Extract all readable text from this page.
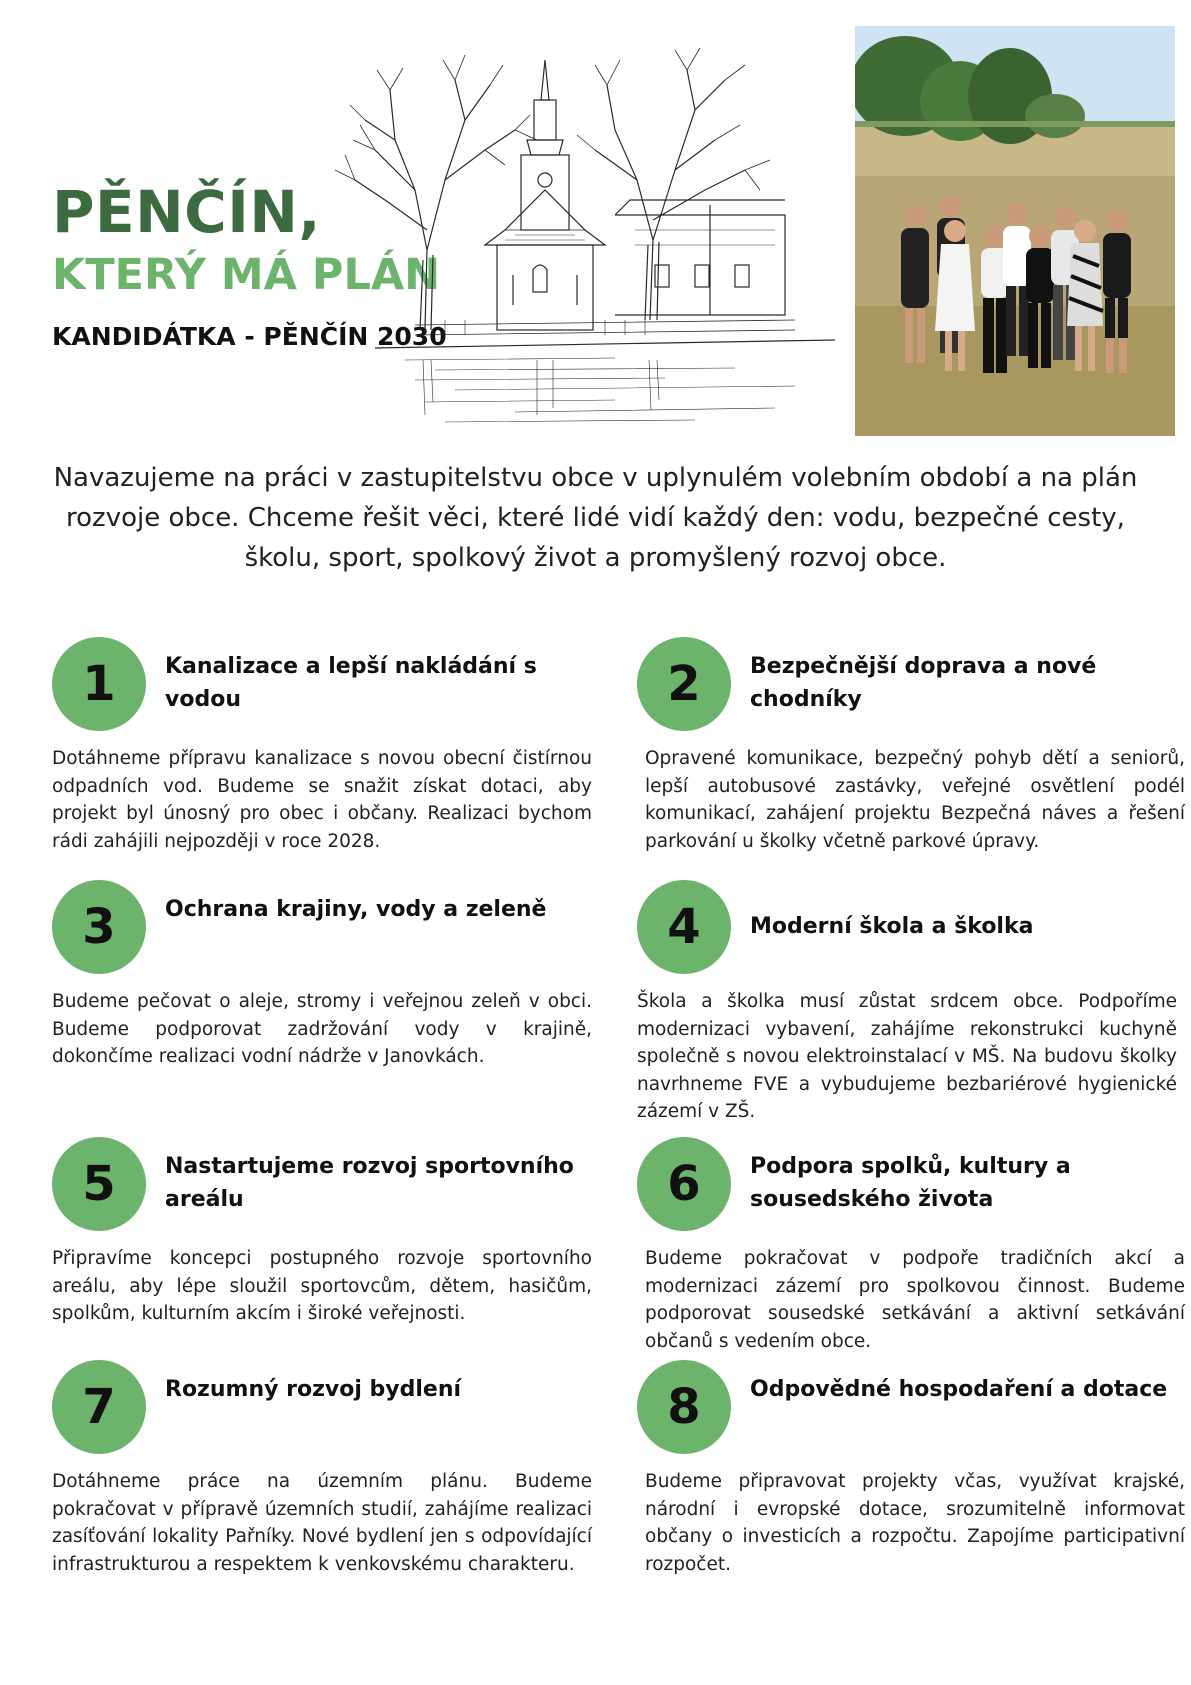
PĚNČÍN,
KTERÝ MÁ PLÁN
KANDIDÁTKA - PĚNČÍN 2030
Navazujeme na práci v zastupitelstvu obce v uplynulém volebním období a na plán rozvoje obce. Chceme řešit věci, které lidé vidí každý den: vodu, bezpečné cesty, školu, sport, spolkový život a promyšlený rozvoj obce.
1	Kanalizace a lepší nakládání s vodou
Dotáhneme přípravu kanalizace s novou obecní čistírnou odpadních vod. Budeme se snažit získat dotaci, aby projekt byl únosný pro obec i občany. Realizaci bychom rádi zahájili nejpozději v roce 2028.
2	Bezpečnější doprava a nové chodníky
Opravené komunikace, bezpečný pohyb dětí a seniorů, lepší autobusové zastávky, veřejné osvětlení podél komunikací, zahájení projektu Bezpečná náves a řešení parkování u školky včetně parkové úpravy.
3	Ochrana krajiny, vody a zeleně
Budeme pečovat o aleje, stromy i veřejnou zeleň v obci. Budeme podporovat zadržování vody v krajině, dokončíme realizaci vodní nádrže v Janovkách.
4	Moderní škola a školka
Škola a školka musí zůstat srdcem obce. Podpoříme modernizaci vybavení, zahájíme rekonstrukci kuchyně společně s novou elektroinstalací v MŠ. Na budovu školky navrhneme FVE a vybudujeme bezbariérové hygienické zázemí v ZŠ.
5	Nastartujeme rozvoj sportovního areálu
Připravíme koncepci postupného rozvoje sportovního areálu, aby lépe sloužil sportovcům, dětem, hasičům, spolkům, kulturním akcím i široké veřejnosti.
6	Podpora spolků, kultury a sousedského života
Budeme pokračovat v podpoře tradičních akcí a modernizaci zázemí pro spolkovou činnost. Budeme podporovat sousedské setkávání a aktivní setkávání občanů s vedením obce.
7	Rozumný rozvoj bydlení
Dotáhneme práce na územním plánu. Budeme pokračovat v přípravě územních studií, zahájíme realizaci zasíťování lokality Pařníky. Nové bydlení jen s odpovídající infrastrukturou a respektem k venkovskému charakteru.
8	Odpovědné hospodaření a dotace
Budeme připravovat projekty včas, využívat krajské, národní i evropské dotace, srozumitelně informovat občany o investicích a rozpočtu. Zapojíme participativní rozpočet.
